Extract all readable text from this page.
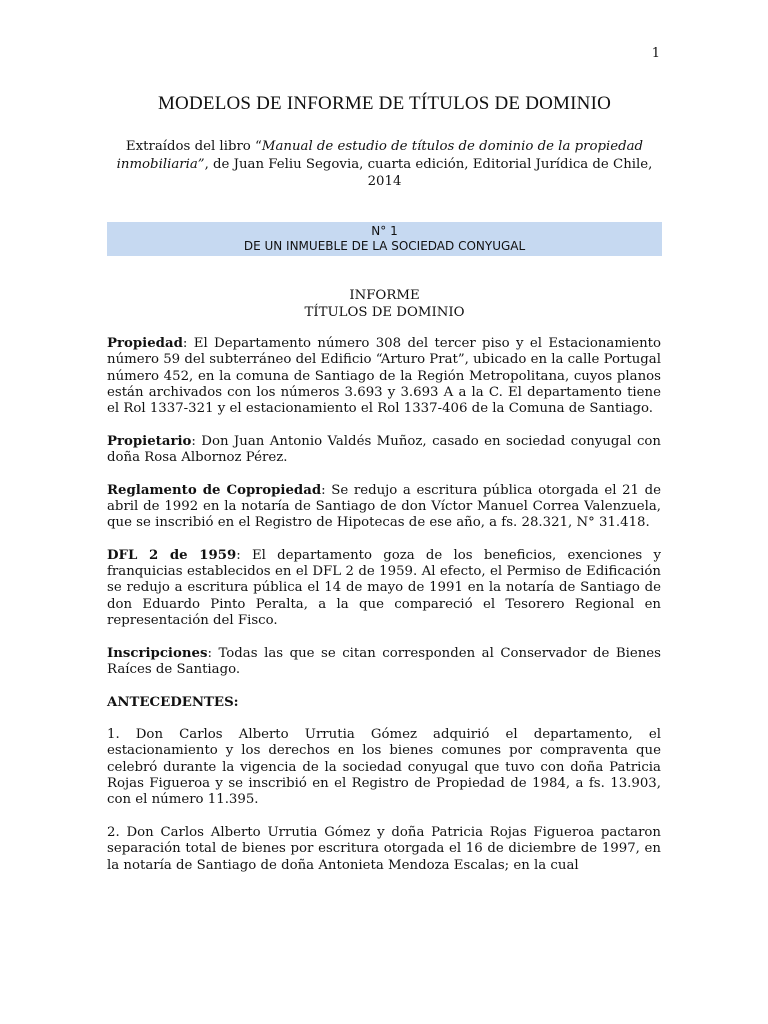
1
MODELOS DE INFORME DE TÍTULOS DE DOMINIO
Extraídos del libro “Manual de estudio de títulos de dominio de la propiedad inmobiliaria”, de Juan Feliu Segovia, cuarta edición, Editorial Jurídica de Chile, 2014
N° 1
DE UN INMUEBLE DE LA SOCIEDAD CONYUGAL
INFORME
TÍTULOS DE DOMINIO

Propiedad: El Departamento número 308 del tercer piso y el Estacionamiento número 59 del subterráneo del Edificio “Arturo Prat”, ubicado en la calle Portugal número 452, en la comuna de Santiago de la Región Metropolitana, cuyos planos están archivados con los números 3.693 y 3.693 A a la C. El departamento tiene el Rol 1337-321 y el estacionamiento el Rol 1337-406 de la Comuna de Santiago.

Propietario: Don Juan Antonio Valdés Muñoz, casado en sociedad conyugal con doña Rosa Albornoz Pérez.

Reglamento de Copropiedad: Se redujo a escritura pública otorgada el 21 de abril de 1992 en la notaría de Santiago de don Víctor Manuel Correa Valenzuela, que se inscribió en el Registro de Hipotecas de ese año, a fs. 28.321, N° 31.418.

DFL 2 de 1959: El departamento goza de los beneficios, exenciones y franquicias establecidos en el DFL 2 de 1959. Al efecto, el Permiso de Edificación se redujo a escritura pública el 14 de mayo de 1991 en la notaría de Santiago de don Eduardo Pinto Peralta, a la que compareció el Tesorero Regional en representación del Fisco.

Inscripciones: Todas las que se citan corresponden al Conservador de Bienes Raíces de Santiago.

ANTECEDENTES:

1. Don Carlos Alberto Urrutia Gómez adquirió el departamento, el estacionamiento y los derechos en los bienes comunes por compraventa que celebró durante la vigencia de la sociedad conyugal que tuvo con doña Patricia Rojas Figueroa y se inscribió en el Registro de Propiedad de 1984, a fs. 13.903, con el número 11.395.

2. Don Carlos Alberto Urrutia Gómez y doña Patricia Rojas Figueroa pactaron separación total de bienes por escritura otorgada el 16 de diciembre de 1997, en la notaría de Santiago de doña Antonieta Mendoza Escalas; en la cual
